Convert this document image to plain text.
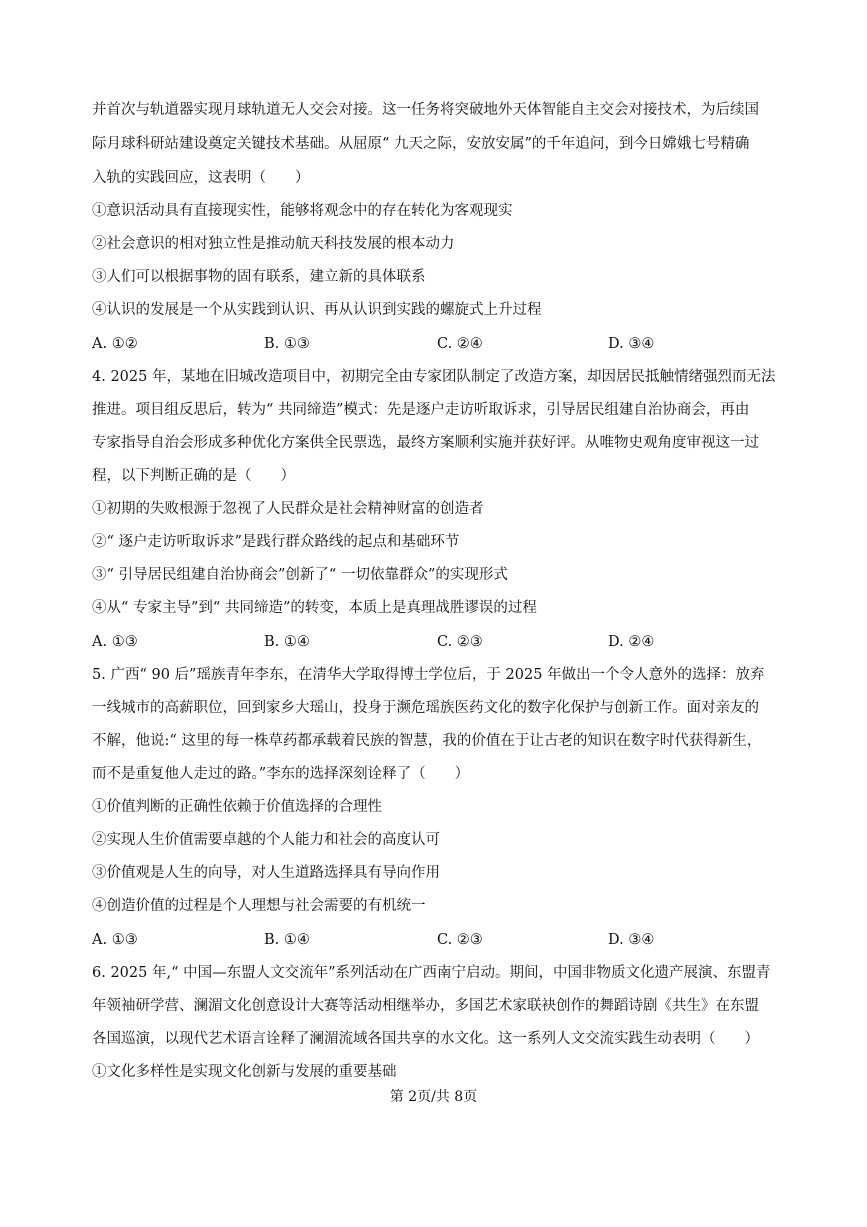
并首次与轨道器实现月球轨道无人交会对接。这一任务将突破地外天体智能自主交会对接技术，为后续国
际月球科研站建设奠定关键技术基础。从屈原“ 九天之际，安放安属”的千年追问，到今日嫦娥七号精确
入轨的实践回应，这表明（　　）
①意识活动具有直接现实性，能够将观念中的存在转化为客观现实
②社会意识的相对独立性是推动航天科技发展的根本动力
③人们可以根据事物的固有联系，建立新的具体联系
④认识的发展是一个从实践到认识、再从认识到实践的螺旋式上升过程
A. ①②	B. ①③	C. ②④	D. ③④
4. 2025 年，某地在旧城改造项目中，初期完全由专家团队制定了改造方案，却因居民抵触情绪强烈而无法
推进。项目组反思后，转为“ 共同缔造”模式：先是逐户走访听取诉求，引导居民组建自治协商会，再由
专家指导自治会形成多种优化方案供全民票选，最终方案顺利实施并获好评。从唯物史观角度审视这一过
程，以下判断正确的是（　　）
①初期的失败根源于忽视了人民群众是社会精神财富的创造者
②“ 逐户走访听取诉求”是践行群众路线的起点和基础环节
③“ 引导居民组建自治协商会”创新了“ 一切依靠群众”的实现形式
④从“ 专家主导”到“ 共同缔造”的转变，本质上是真理战胜谬误的过程
A. ①③	B. ①④	C. ②③	D. ②④
5. 广西“ 90 后”瑶族青年李东，在清华大学取得博士学位后，于 2025 年做出一个令人意外的选择：放弃
一线城市的高薪职位，回到家乡大瑶山，投身于濒危瑶族医药文化的数字化保护与创新工作。面对亲友的
不解，他说:“ 这里的每一株草药都承载着民族的智慧，我的价值在于让古老的知识在数字时代获得新生，
而不是重复他人走过的路。”李东的选择深刻诠释了（　　）
①价值判断的正确性依赖于价值选择的合理性
②实现人生价值需要卓越的个人能力和社会的高度认可
③价值观是人生的向导，对人生道路选择具有导向作用
④创造价值的过程是个人理想与社会需要的有机统一
A. ①③	B. ①④	C. ②③	D. ③④
6. 2025 年,“ 中国—东盟人文交流年”系列活动在广西南宁启动。期间，中国非物质文化遗产展演、东盟青
年领袖研学营、澜湄文化创意设计大赛等活动相继举办，多国艺术家联袂创作的舞蹈诗剧《共生》在东盟
各国巡演，以现代艺术语言诠释了澜湄流域各国共享的水文化。这一系列人文交流实践生动表明（　　）
①文化多样性是实现文化创新与发展的重要基础
第 2页/共 8页
